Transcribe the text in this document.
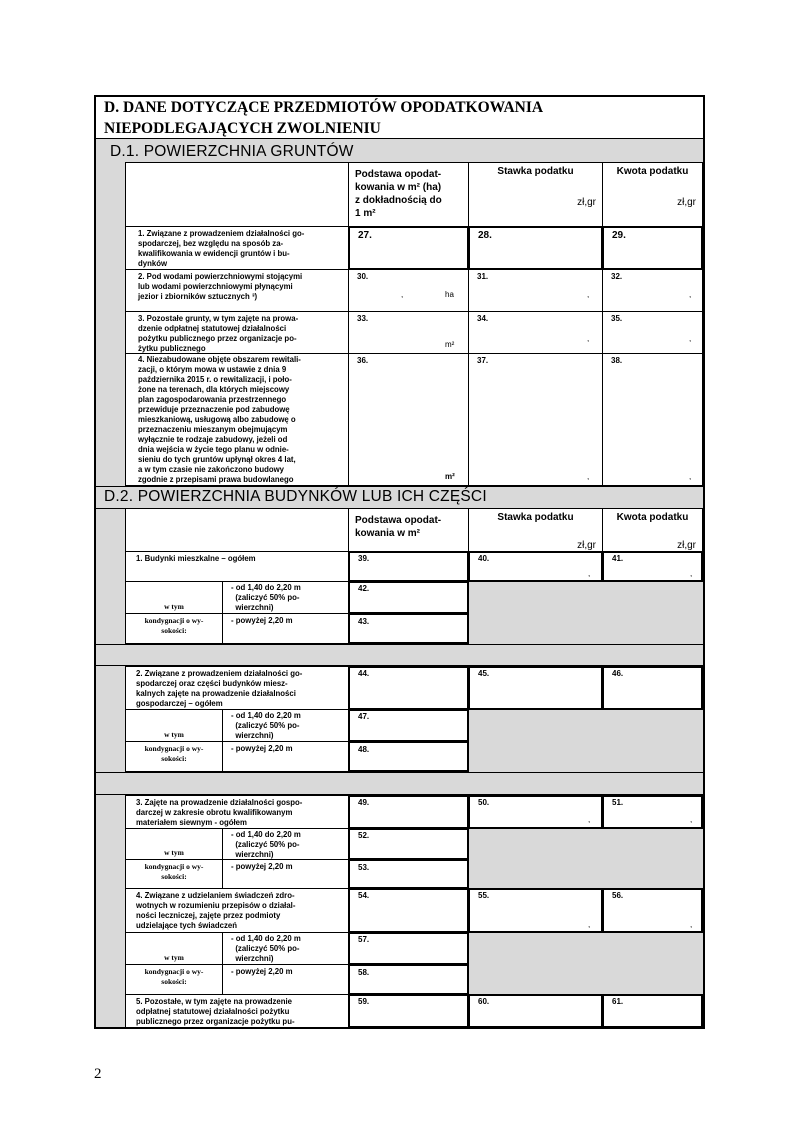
D. DANE DOTYCZĄCE PRZEDMIOTÓW OPODATKOWANIA
NIEPODLEGAJĄCYCH ZWOLNIENIU
D.1. POWIERZCHNIA GRUNTÓW
Podstawa opodat-
kowania w m² (ha)
z dokładnością do
1 m²
Stawka podatku
zł,gr
Kwota podatku
zł,gr
1. Związane z prowadzeniem działalności go-
spodarczej, bez względu na sposób za-
kwalifikowania w ewidencji gruntów i bu-
dynków
27.	28.	29.
2. Pod wodami powierzchniowymi stojącymi
lub wodami powierzchniowymi płynącymi
jezior i zbiorników sztucznych ³)
30.
,	ha
31.
,
32.
,
3. Pozostałe grunty, w tym zajęte na prowa-
dzenie odpłatnej statutowej działalności
pożytku publicznego przez organizacje po-
żytku publicznego
33.
m²
34.
,
35.
,
4. Niezabudowane objęte obszarem rewitali-
zacji, o którym mowa w ustawie z dnia 9
października 2015 r. o rewitalizacji, i poło-
żone na terenach, dla których miejscowy
plan zagospodarowania przestrzennego
przewiduje przeznaczenie pod zabudowę
mieszkaniową, usługową albo zabudowę o
przeznaczeniu mieszanym obejmującym
wyłącznie te rodzaje zabudowy, jeżeli od
dnia wejścia w życie tego planu w odnie-
sieniu do tych gruntów upłynął okres 4 lat,
a w tym czasie nie zakończono budowy
zgodnie z przepisami prawa budowlanego
36.
m²
37.
,
38.
,
D.2. POWIERZCHNIA BUDYNKÓW LUB ICH CZĘŚCI
Podstawa opodat-
kowania w m²
Stawka podatku
zł,gr
Kwota podatku
zł,gr
1. Budynki mieszkalne – ogółem	39.	40.
,
41.
,
w tym
- od 1,40 do 2,20 m
(zaliczyć 50% po-
wierzchni)
42.
kondygnacji o wy-
sokości:
- powyżej 2,20 m	43.
2. Związane z prowadzeniem działalności go-
spodarczej oraz części budynków miesz-
kalnych zajęte na prowadzenie działalności
gospodarczej – ogółem
44.	45.	46.
w tym
- od 1,40 do 2,20 m
(zaliczyć 50% po-
wierzchni)
47.
kondygnacji o wy-
sokości:
- powyżej 2,20 m	48.
3. Zajęte na prowadzenie działalności gospo-
darczej w zakresie obrotu kwalifikowanym
materiałem siewnym - ogółem
49.	50.
,
51.
,
w tym
- od 1,40 do 2,20 m
(zaliczyć 50% po-
wierzchni)
52.
kondygnacji o wy-
sokości:
- powyżej 2,20 m	53.
4. Związane z udzielaniem świadczeń zdro-
wotnych w rozumieniu przepisów o działal-
ności leczniczej, zajęte przez podmioty
udzielające tych świadczeń
54.	55.
,
56.
,
w tym
- od 1,40 do 2,20 m
(zaliczyć 50% po-
wierzchni)
57.
kondygnacji o wy-
sokości:
- powyżej 2,20 m	58.
5. Pozostałe, w tym zajęte na prowadzenie
odpłatnej statutowej działalności pożytku
publicznego przez organizacje pożytku pu-
59.	60.	61.
2
